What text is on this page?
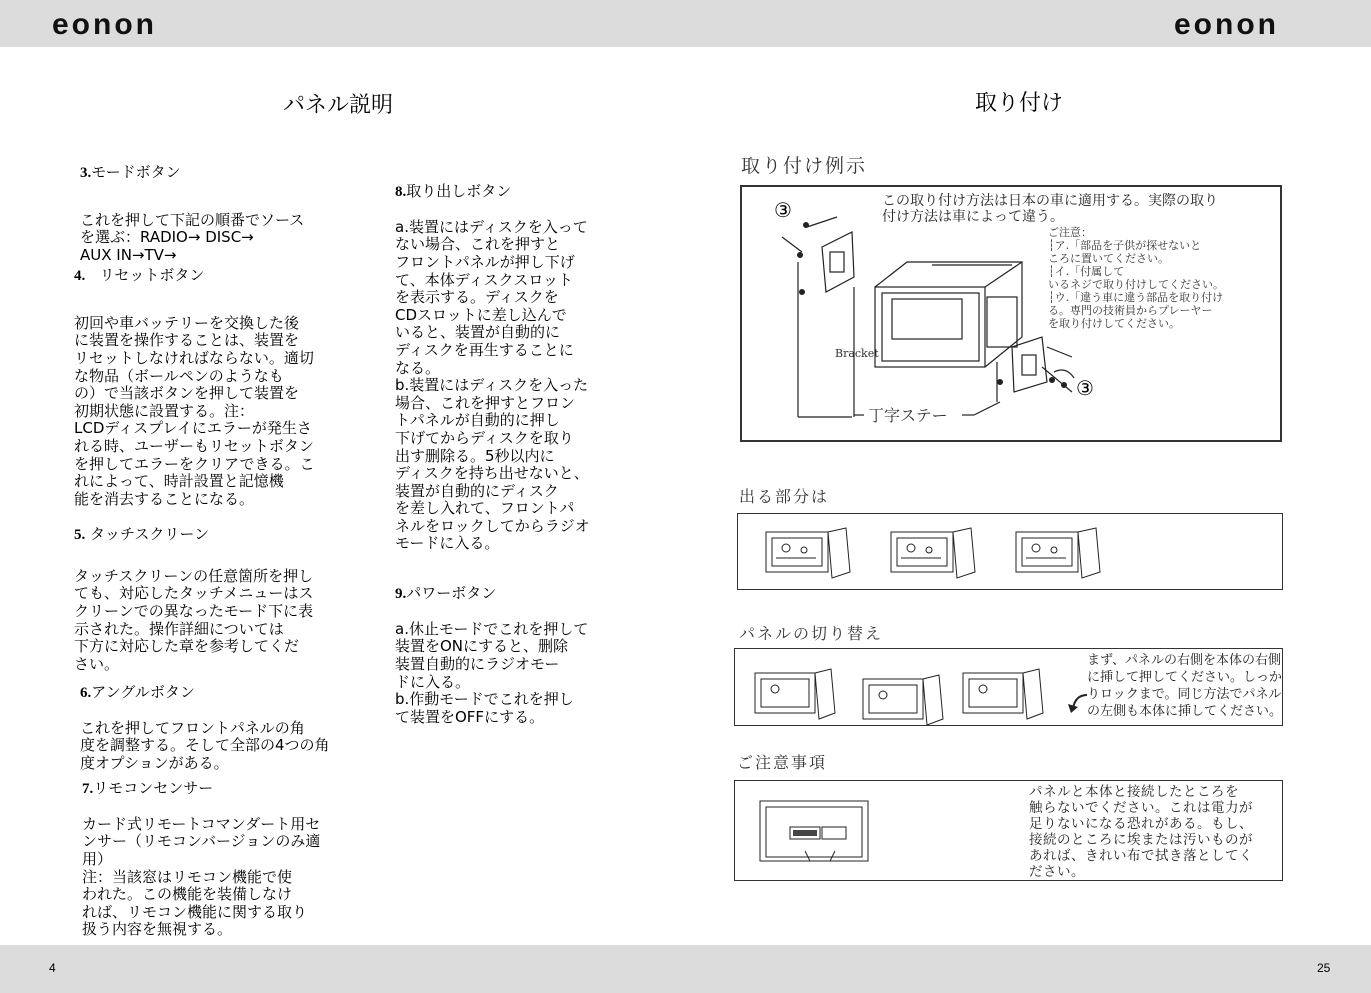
eonon	eonon
4	25
パネル説明

3.モードボタン

これを押して下記の順番でソース
を選ぶ：RADIO→ DISC→
AUX IN→TV→

4. リセットボタン

初回や車バッテリーを交換した後
に装置を操作することは、装置を
リセットしなければならない。適切
な物品（ボールペンのようなも
の）で当該ボタンを押して装置を
初期状態に設置する。注：
LCDディスプレイにエラーが発生さ
れる時、ユーザーもリセットボタン
を押してエラーをクリアできる。こ
れによって、時計設置と記憶機
能を消去することになる。

5. タッチスクリーン

タッチスクリーンの任意箇所を押し
ても、対応したタッチメニューはス
クリーンでの異なったモード下に表
示された。操作詳細については
下方に対応した章を参考してくだ
さい。

6.アングルボタン

これを押してフロントパネルの角
度を調整する。そして全部の4つの角
度オプションがある。

7.リモコンセンサー

カード式リモートコマンダート用セ
ンサー（リモコンバージョンのみ適
用）
注：当該窓はリモコン機能で使
われた。この機能を装備しなけ
れば、リモコン機能に関する取り
扱う内容を無視する。

8.取り出しボタン

a.装置にはディスクを入って
ない場合、これを押すと
フロントパネルが押し下げ
て、本体ディスクスロット
を表示する。ディスクを
CDスロットに差し込んで
いると、装置が自動的に
ディスクを再生することに
なる。
b.装置にはディスクを入った
場合、これを押すとフロン
トパネルが自動的に押し
下げてからディスクを取り
出す删除る。5秒以内に
ディスクを持ち出せないと、
装置が自動的にディスク
を差し入れて、フロントパ
ネルをロックしてからラジオ
モードに入る。

9.パワーボタン

a.休止モードでこれを押して
装置をONにすると、删除
装置自動的にラジオモー
ドに入る。
b.作動モードでこれを押し
て装置をOFFにする。

取り付け
取り付け例示
この取り付け方法は日本の車に適用する。実際の取り
付け方法は車によって違う。
ご注意：
┆ア.「部品を子供が探せないと
ころに置いてください。
┆イ.「付属して
いるネジで取り付けしてください。
┆ウ.「違う車に違う部品を取り付け
る。専門の技術員からプレーヤー
を取り付けしてください。
Bracket
丁字ステー
③
③
出る部分は
パネルの切り替え
まず、パネルの右側を本体の右側
に挿して押してください。しっか
りロックまで。同じ方法でパネル
の左側も本体に挿してください。
ご注意事項
パネルと本体と接続したところを
触らないでください。これは電力が
足りないになる恐れがある。もし、
接続のところに埃または汚いものが
あれば、きれい布で拭き落としてく
ださい。
